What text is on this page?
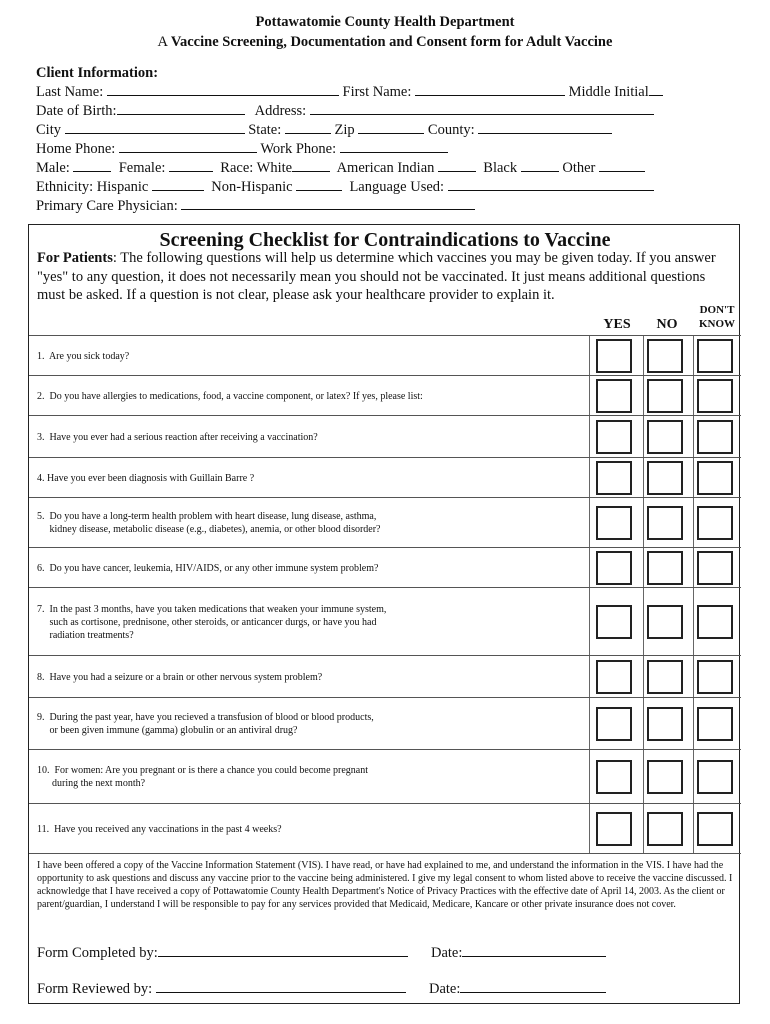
Pottawatomie County Health Department
A Vaccine Screening, Documentation and Consent form for Adult Vaccine
Client Information:
Last Name:	First Name:	Middle Initial
Date of Birth:	Address:
City	State:	Zip	County:
Home Phone:	Work Phone:
Male:	Female:	Race: White	American Indian	Black	Other
Ethnicity: Hispanic	Non-Hispanic	Language Used:
Primary Care Physician:
Screening Checklist for Contraindications to Vaccine
For Patients: The following questions will help us determine which vaccines you may be given today. If you answer "yes" to any question, it does not necessarily mean you should not be vaccinated. It just means additional questions must be asked. If a question is not clear, please ask your healthcare provider to explain it.
YES	NO
DON'T
KNOW
1.  Are you sick today?
2.  Do you have allergies to medications, food, a vaccine component, or latex? If yes, please list:
3.  Have you ever had a serious reaction after receiving a vaccination?
4. Have you ever been diagnosis with Guillain Barre ?
5.  Do you have a long-term health problem with heart disease, lung disease, asthma,
kidney disease, metabolic disease (e.g., diabetes), anemia, or other blood disorder?
6.  Do you have cancer, leukemia, HIV/AIDS, or any other immune system problem?
7.  In the past 3 months, have you taken medications that weaken your immune system,
such as cortisone, prednisone, other steroids, or anticancer durgs, or have you had
radiation treatments?
8.  Have you had a seizure or a brain or other nervous system problem?
9.  During the past year, have you recieved a transfusion of blood or blood products,
or been given immune (gamma) globulin or an antiviral drug?
10.  For women: Are you pregnant or is there a chance you could become pregnant
during the next month?
11.  Have you received any vaccinations in the past 4 weeks?
I have been offered a copy of the Vaccine Information Statement (VIS). I have read, or have had explained to me, and understand the information in the VIS. I have had the opportunity to ask questions and discuss any vaccine prior to the vaccine being administered. I give my legal consent to whom listed above to receive the vaccine discussed. I acknowledge that I have received a copy of Pottawatomie County Health Department's Notice of Privacy Practices with the effective date of April 14, 2003. As the client or parent/guardian, I understand I will be responsible to pay for any services provided that Medicaid, Medicare, Kancare or other private insurance does not cover.
Form Completed by:	Date:
Form Reviewed by:	Date:
